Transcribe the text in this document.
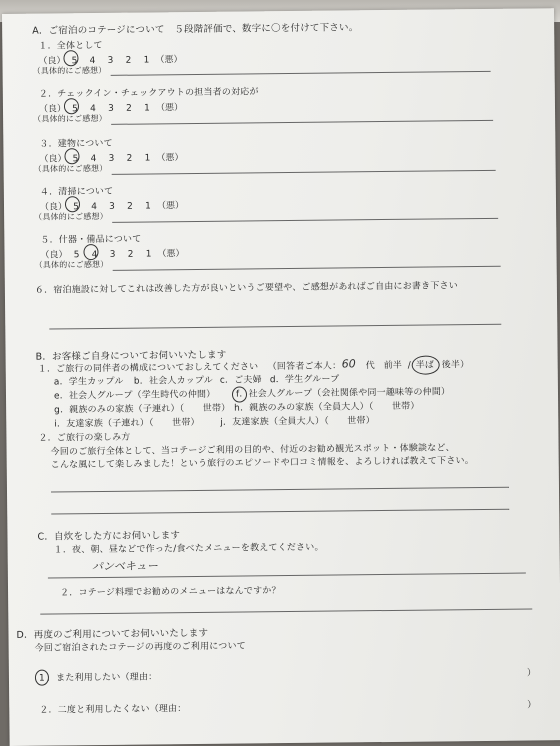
A．ご宿泊のコテージについて　５段階評価で、数字に〇を付けて下さい。
１．全体として
（良） 5 4 3 2 1 （悪）
（具体的にご感想）
２．チェックイン・チェックアウトの担当者の対応が
（良） 5 4 3 2 1 （悪）
（具体的にご感想）
３．建物について
（良） 5 4 3 2 1 （悪）
（具体的にご感想）
４．清掃について
（良） 5 4 3 2 1 （悪）
（具体的にご感想）
５．什器・備品について
（良） 5 4 3 2 1 （悪）
（具体的にご感想）
６．宿泊施設に対してこれは改善した方が良いというご要望や、ご感想があればご自由にお書き下さい
B．お客様ご自身についてお伺いいたします
１．ご旅行の同伴者の構成についておしえてください （回答者ご本人： 60 代 前半 / 半ば 後半）
a．学生カップル b．社会人カップル c．ご夫婦 d．学生グループ
e．社会人グループ（学生時代の仲間） f．社会人グループ（会社関係や同一趣味等の仲間）
g．親族のみの家族（子連れ）（　　世帯） h．親族のみの家族（全員大人）（　　世帯）
i．友達家族（子連れ）（　　世帯） j．友達家族（全員大人）（　　世帯）
２．ご旅行の楽しみ方
今回のご旅行全体として、当コテージご利用の目的や、付近のお勧め観光スポット・体験談など、
こんな風にして楽しみました！という旅行のエピソードや口コミ情報を、よろしければ教えて下さい。
C．自炊をした方にお伺いします
１．夜、朝、昼などで作った/食べたメニューを教えてください。
パンベキュー
２．コテージ料理でお勧めのメニューはなんですか？
D．再度のご利用についてお伺いいたします
今回ご宿泊されたコテージの再度のご利用について
1 ．また利用したい（理由：	）
２．二度と利用したくない（理由：	）
